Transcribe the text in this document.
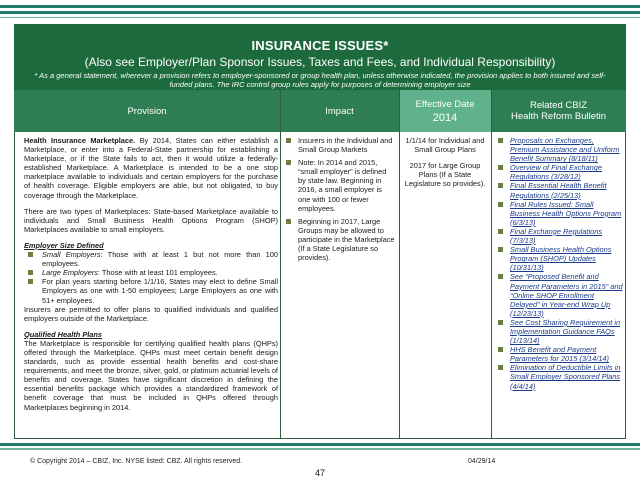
INSURANCE ISSUES*
(Also see Employer/Plan Sponsor Issues, Taxes and Fees, and Individual Responsibility)
* As a general statement, wherever a provision refers to employer-sponsored or group health plan, unless otherwise indicated, the provision applies to both insured and self-funded plans. The IRC control group rules apply for purposes of determining employer size
Provision	Impact
Effective Date
2014
Related CBIZ
Health Reform Bulletin

Health Insurance Marketplace. By 2014, States can either establish a Marketplace, or enter into a Federal-State partnership for establishing a Marketplace, or if the State fails to act, then it would utilize a federally-established Marketplace. A Marketplace is intended to be a one stop marketplace available to individuals and certain employers for the purchase of health coverage. Eligible employers are able, but not obligated, to buy coverage through the Marketplace.

There are two types of Marketplaces: State-based Marketplace available to individuals and Small Business Health Options Program (SHOP) Marketplaces available to small employers.

Employer Size Defined

Small Employers: Those with at least 1 but not more than 100 employees.
Large Employers: Those with at least 101 employees.
For plan years starting before 1/1/16, States may elect to define Small Employers as one with 1-50 employees; Large Employers as one with 51+ employees.

Insurers are permitted to offer plans to qualified individuals and qualified employers outside of the Marketplace.

Qualified Health Plans

The Marketplace is responsible for certifying qualified health plans (QHPs) offered through the Marketplace. QHPs must meet certain benefit design standards, such as provide essential health benefits and cost-share requirements, and meet the bronze, silver, gold, or platinum actuarial levels of benefits and coverage. States have significant discretion in defining the essential benefits package which provides a standardized framework of benefit coverage that must be included in QHPs offered through Marketplaces beginning in 2014.

Insurers in the Individual and Small Group Markets
Note: In 2014 and 2015, “small employer” is defined by state law. Beginning in 2016, a small employer is one with 100 or fewer employees.
Beginning in 2017, Large Groups may be allowed to participate in the Marketplace (If a State Legislature so provides).

1/1/14 for Individual and Small Group Plans

2017 for Large Group Plans (If a State Legislature so provides).

Proposals on Exchanges, Premium Assistance and Uniform Benefit Summary (8/18/11)
Overview of Final Exchange Regulations (3/28/12)
Final Essential Health Benefit Regulations (2/25/13)
Final Rules Issued: Small Business Health Options Program (6/3/13)
Final Exchange Regulations (7/3/13)
Small Business Health Options Program (SHOP) Updates (10/31/13)
See “Proposed Benefit and Payment Parameters in 2015” and “Online SHOP Enrollment Delayed” in Year-end Wrap Up (12/23/13)
See Cost Sharing Requirement in Implementation Guidance FAQs (1/13/14)
HHS Benefit and Payment Parameters for 2015 (3/14/14)
Elimination of Deductible Limits in Small Employer Sponsored Plans (4/4/14)
© Copyright 2014 – CBIZ, Inc. NYSE listed: CBZ. All rights reserved.	04/29/14
47
